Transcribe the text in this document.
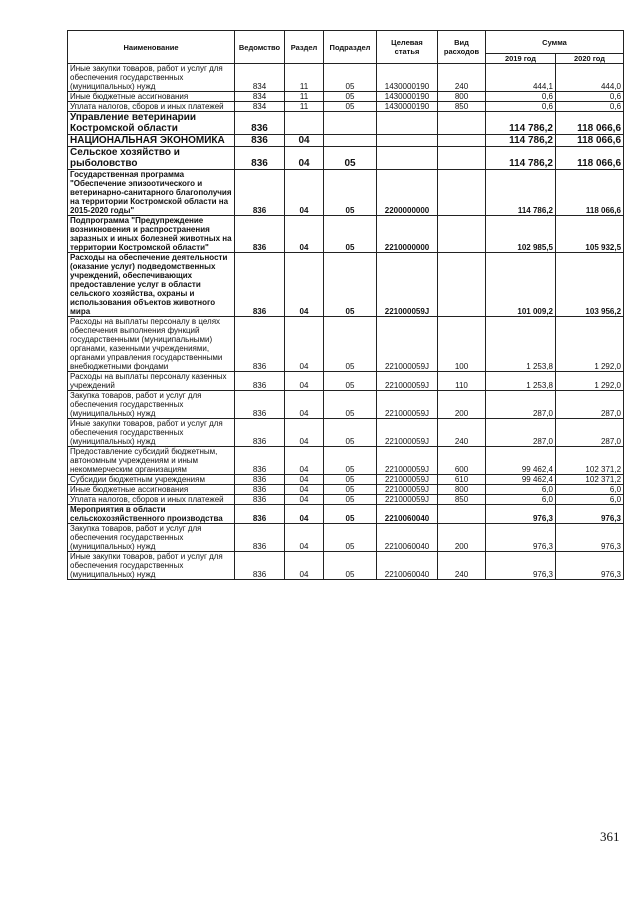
Наименование	Ведомство	Раздел	Подраздел	Целевая статья	Вид расходов	Сумма	
						2019 год	2020 год
Иные закупки товаров, работ и услуг для обеспечения государственных (муниципальных) нужд	834	11	05	1430000190	240	444,1	444,0
Иные бюджетные ассигнования	834	11	05	1430000190	800	0,6	0,6
Уплата налогов, сборов и иных платежей	834	11	05	1430000190	850	0,6	0,6
Управление ветеринарии Костромской области	836					114 786,2	118 066,6
НАЦИОНАЛЬНАЯ ЭКОНОМИКА	836	04				114 786,2	118 066,6
Сельское хозяйство и рыболовство	836	04	05			114 786,2	118 066,6
Государственная программа "Обеспечение эпизоотического и ветеринарно-санитарного благополучия на территории Костромской области на 2015-2020 годы"	836	04	05	2200000000		114 786,2	118 066,6
Подпрограмма "Предупреждение возникновения и распространения заразных и иных болезней животных на территории Костромской области"	836	04	05	2210000000		102 985,5	105 932,5
Расходы на обеспечение деятельности (оказание услуг) подведомственных учреждений, обеспечивающих предоставление услуг в области сельского хозяйства, охраны и использования объектов животного мира	836	04	05	221000059J		101 009,2	103 956,2
Расходы на выплаты персоналу в целях обеспечения выполнения функций государственными (муниципальными) органами, казенными учреждениями, органами управления государственными внебюджетными фондами	836	04	05	221000059J	100	1 253,8	1 292,0
Расходы на выплаты персоналу казенных учреждений	836	04	05	221000059J	110	1 253,8	1 292,0
Закупка товаров, работ и услуг для обеспечения государственных (муниципальных) нужд	836	04	05	221000059J	200	287,0	287,0
Иные закупки товаров, работ и услуг для обеспечения государственных (муниципальных) нужд	836	04	05	221000059J	240	287,0	287,0
Предоставление субсидий бюджетным, автономным учреждениям и иным некоммерческим организациям	836	04	05	221000059J	600	99 462,4	102 371,2
Субсидии бюджетным учреждениям	836	04	05	221000059J	610	99 462,4	102 371,2
Иные бюджетные ассигнования	836	04	05	221000059J	800	6,0	6,0
Уплата налогов, сборов и иных платежей	836	04	05	221000059J	850	6,0	6,0
Мероприятия в области сельскохозяйственного производства	836	04	05	2210060040		976,3	976,3
Закупка товаров, работ и услуг для обеспечения государственных (муниципальных) нужд	836	04	05	2210060040	200	976,3	976,3
Иные закупки товаров, работ и услуг для обеспечения государственных (муниципальных) нужд	836	04	05	2210060040	240	976,3	976,3
361
